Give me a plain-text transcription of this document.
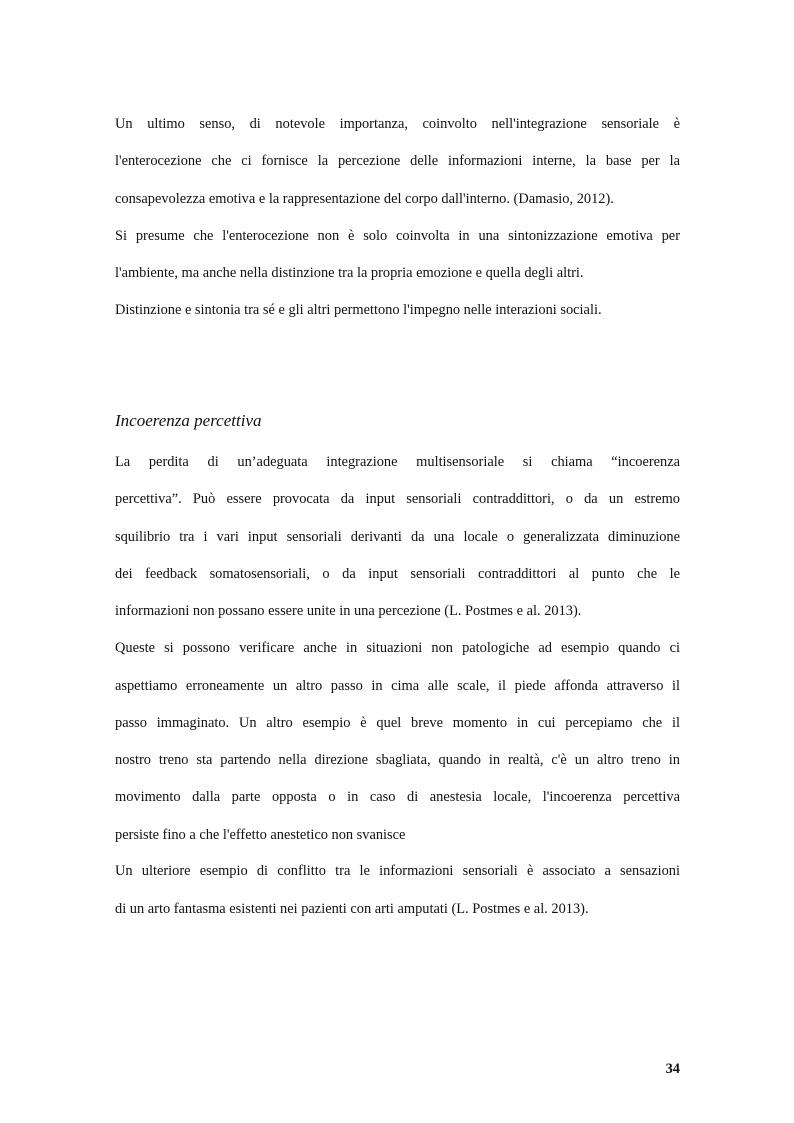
Un ultimo senso, di notevole importanza, coinvolto nell'integrazione sensoriale è
l'enterocezione che ci fornisce la percezione delle informazioni interne, la base per la
consapevolezza emotiva e la rappresentazione del corpo dall'interno. (Damasio, 2012).
Si presume che l'enterocezione non è solo coinvolta in una sintonizzazione emotiva per
l'ambiente, ma anche nella distinzione tra la propria emozione e quella degli altri.
Distinzione e sintonia tra sé e gli altri permettono l'impegno nelle interazioni sociali.
Incoerenza percettiva
La perdita di un’adeguata integrazione multisensoriale si chiama “incoerenza
percettiva”. Può essere provocata da input sensoriali contraddittori, o da un estremo
squilibrio tra i vari input sensoriali derivanti da una locale o generalizzata diminuzione
dei feedback somatosensoriali, o da input sensoriali contraddittori al punto che le
informazioni non possano essere unite in una percezione (L. Postmes e al. 2013).
Queste si possono verificare anche in situazioni non patologiche ad esempio quando ci
aspettiamo erroneamente un altro passo in cima alle scale, il piede affonda attraverso il
passo immaginato. Un altro esempio è quel breve momento in cui percepiamo che il
nostro treno sta partendo nella direzione sbagliata, quando in realtà, c'è un altro treno in
movimento dalla parte opposta o in caso di anestesia locale, l'incoerenza percettiva
persiste fino a che l'effetto anestetico non svanisce
Un ulteriore esempio di conflitto tra le informazioni sensoriali è associato a sensazioni
di un arto fantasma esistenti nei pazienti con arti amputati (L. Postmes e al. 2013).
34
